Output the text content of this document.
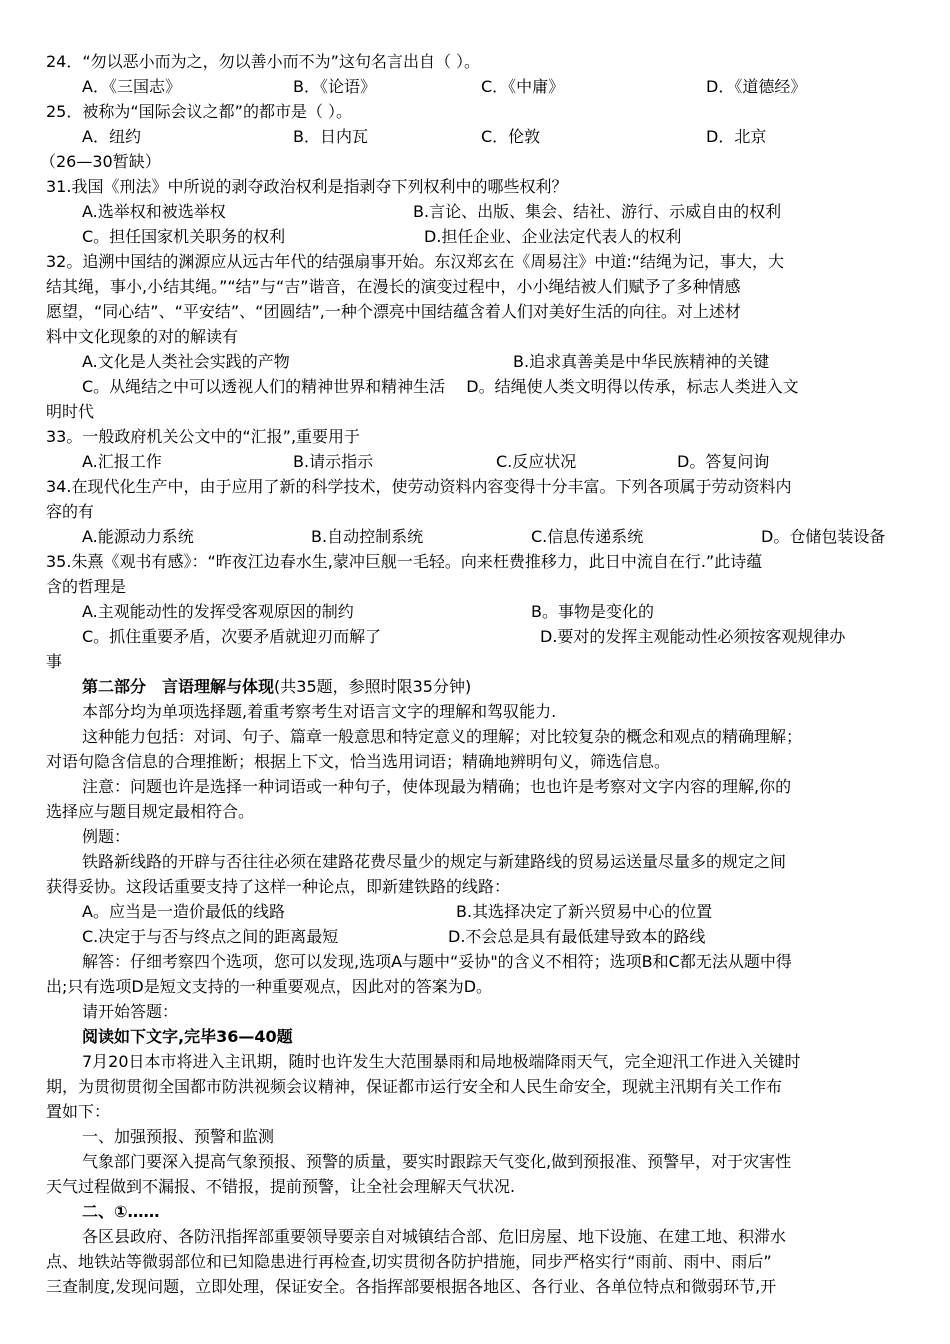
24．“勿以恶小而为之，勿以善小而不为”这句名言出自（ ）。
A．《三国志》	B．《论语》	C．《中庸》	D．《道德经》
25．被称为“国际会议之都”的都市是（ ）。
A．纽约	B．日内瓦	C．伦敦	D．北京
（26—30暂缺）
31.我国《刑法》中所说的剥夺政治权利是指剥夺下列权利中的哪些权利？
A.选举权和被选举权	B.言论、出版、集会、结社、游行、示威自由的权利
C。担任国家机关职务的权利	D.担任企业、企业法定代表人的权利
32。追溯中国结的渊源应从远古年代的结强扇事开始。东汉郑玄在《周易注》中道:“结绳为记，事大，大
结其绳，事小,小结其绳。”“结”与“吉”谐音，在漫长的演变过程中，小小绳结被人们赋予了多种情感
愿望，“同心结”、“平安结”、“团圆结”,一种个漂亮中国结蕴含着人们对美好生活的向往。对上述材
料中文化现象的对的解读有
A.文化是人类社会实践的产物	B.追求真善美是中华民族精神的关键
C。从绳结之中可以透视人们的精神世界和精神生活　 D。结绳使人类文明得以传承，标志人类进入文
明时代
33。一般政府机关公文中的“汇报”,重要用于
A.汇报工作	B.请示指示	C.反应状况	D。答复问询
34.在现代化生产中，由于应用了新的科学技术，使劳动资料内容变得十分丰富。下列各项属于劳动资料内
容的有
A.能源动力系统	B.自动控制系统	C.信息传递系统	D。仓储包装设备
35.朱熹《观书有感》：“昨夜江边春水生,蒙冲巨舰一毛轻。向来枉费推移力，此日中流自在行.”此诗蕴
含的哲理是
A.主观能动性的发挥受客观原因的制约	B。事物是变化的
C。抓住重要矛盾，次要矛盾就迎刃而解了	D.要对的发挥主观能动性必须按客观规律办
事
第二部分　言语理解与体现(共35题，参照时限35分钟)
本部分均为单项选择题,着重考察考生对语言文字的理解和驾驭能力.
这种能力包括：对词、句子、篇章一般意思和特定意义的理解；对比较复杂的概念和观点的精确理解；
对语句隐含信息的合理推断；根据上下文，恰当选用词语；精确地辨明句义，筛选信息。
注意：问题也许是选择一种词语或一种句子，使体现最为精确；也也许是考察对文字内容的理解,你的
选择应与题目规定最相符合。
例题：
铁路新线路的开辟与否往往必须在建路花费尽量少的规定与新建路线的贸易运送量尽量多的规定之间
获得妥协。这段话重要支持了这样一种论点，即新建铁路的线路：
A。应当是一造价最低的线路	B.其选择决定了新兴贸易中心的位置
C.决定于与否与终点之间的距离最短	D.不会总是具有最低建导致本的路线
解答：仔细考察四个选项，您可以发现,选项A与题中“妥协"的含义不相符；选项B和C都无法从题中得
出;只有选项D是短文支持的一种重要观点，因此对的答案为D。
请开始答题：
阅读如下文字,完毕36—40题
7月20日本市将进入主讯期，随时也许发生大范围暴雨和局地极端降雨天气，完全迎汛工作进入关键时
期，为贯彻贯彻全国都市防洪视频会议精神，保证都市运行安全和人民生命安全，现就主汛期有关工作布
置如下：
一、加强预报、预警和监测
气象部门要深入提高气象预报、预警的质量，要实时跟踪天气变化,做到预报准、预警早，对于灾害性
天气过程做到不漏报、不错报，提前预警，让全社会理解天气状况.
二、①……
各区县政府、各防汛指挥部重要领导要亲自对城镇结合部、危旧房屋、地下设施、在建工地、积滞水
点、地铁站等微弱部位和已知隐患进行再检查,切实贯彻各防护措施，同步严格实行“雨前、雨中、雨后”
三查制度,发现问题，立即处理，保证安全。各指挥部要根据各地区、各行业、各单位特点和微弱环节,开
